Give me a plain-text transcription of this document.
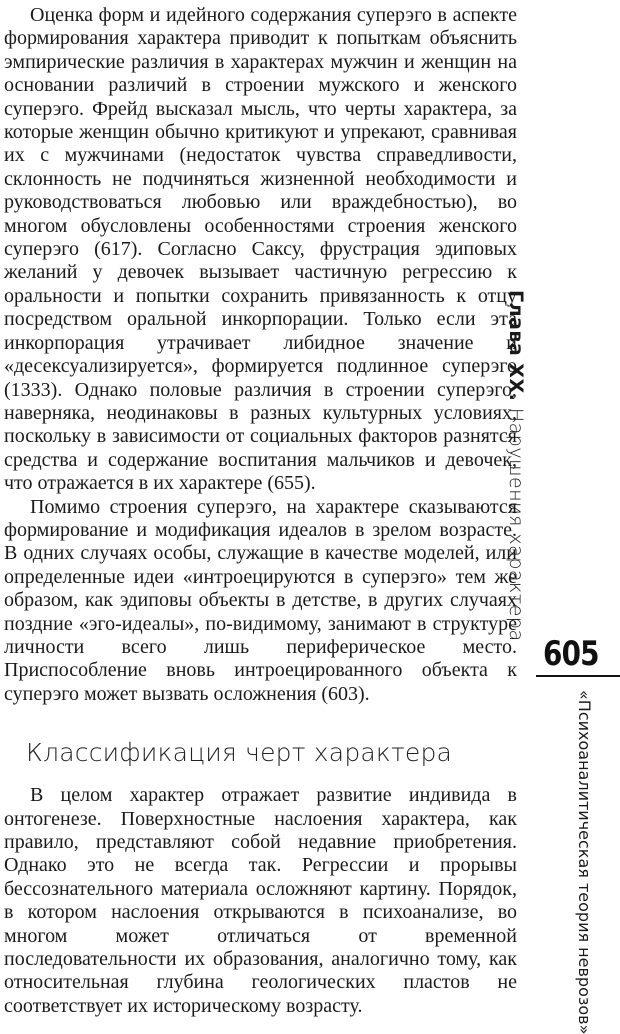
Оценка форм и идейного содержания суперэго в аспекте формирования характера приводит к попыткам объяснить эмпирические различия в характерах мужчин и женщин на основании различий в строении мужского и женского суперэго. Фрейд высказал мысль, что черты характера, за которые женщин обычно критикуют и упрекают, сравнивая их с мужчинами (недостаток чувства справедливости, склонность не подчиняться жизненной необходимости и руководствоваться любовью или враждебностью), во многом обусловлены особенностями строения женского суперэго (617). Согласно Саксу, фрустрация эдиповых желаний у девочек вызывает частичную регрессию к оральности и попытки сохранить привязанность к отцу посредством оральной инкорпорации. Только если эта инкорпорация утрачивает либидное значение и «десексуализируется», формируется подлинное суперэго (1333). Однако половые различия в строении суперэго, наверняка, неодинаковы в разных культурных условиях, поскольку в зависимости от социальных факторов разнятся средства и содержание воспитания мальчиков и девочек, что отражается в их характере (655).

Помимо строения суперэго, на характере сказываются формирование и модификация идеалов в зрелом возрасте. В одних случаях особы, служащие в качестве моделей, или определенные идеи «интроецируются в суперэго» тем же образом, как эдиповы объекты в детстве, в других случаях поздние «эго-идеалы», по-видимому, занимают в структуре личности всего лишь периферическое место. Приспособление вновь интроецированного объекта к суперэго может вызвать осложнения (603).

Классификация черт характера

В целом характер отражает развитие индивида в онтогенезе. Поверхностные наслоения характера, как правило, представляют собой недавние приобретения. Однако это не всегда так. Регрессии и прорывы бессознательного материала осложняют картину. Порядок, в котором наслоения открываются в психоанализе, во многом может отличаться от временной последовательности их образования, аналогично тому, как относительная глубина геологических пластов не соответствует их историческому возрасту.

Глава XX. Нарушения характера
605
«Психоаналитическая теория неврозов»
